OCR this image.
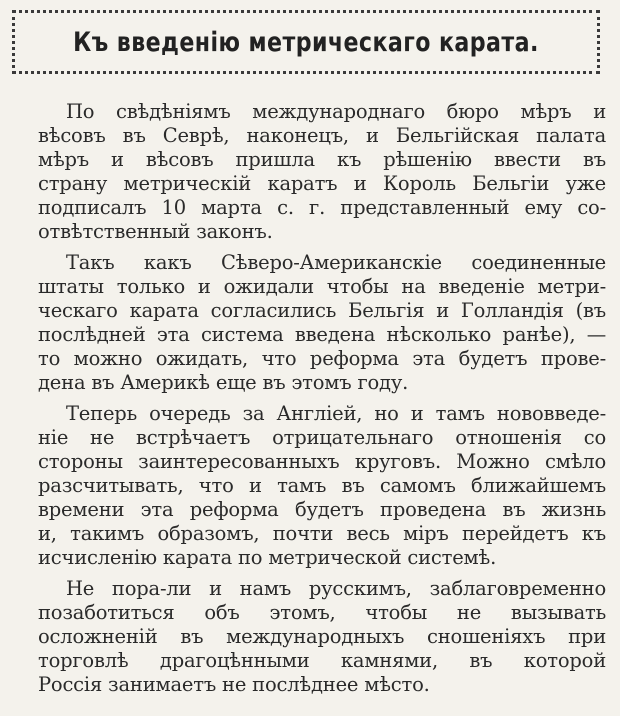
Къ введенію метрическаго карата.
По свѣдѣніямъ международнаго бюро мѣръ и
вѣсовъ въ Севрѣ, наконецъ, и Бельгійская палата
мѣръ и вѣсовъ пришла къ рѣшенію ввести въ
страну метрическій каратъ и Король Бельгіи уже
подписалъ 10 марта с. г. представленный ему со-
отвѣтственный законъ.
Такъ какъ Сѣверо-Американскіе соединенные
штаты только и ожидали чтобы на введеніе метри-
ческаго карата согласились Бельгія и Голландія (въ
послѣдней эта система введена нѣсколько ранѣе), —
то можно ожидать, что реформа эта будетъ прове-
дена въ Америкѣ еще въ этомъ году.
Теперь очередь за Англіей, но и тамъ нововведе-
ніе не встрѣчаетъ отрицательнаго отношенія со
стороны заинтересованныхъ круговъ. Можно смѣло
разсчитывать, что и тамъ въ самомъ ближайшемъ
времени эта реформа будетъ проведена въ жизнь
и, такимъ образомъ, почти весь міръ перейдетъ къ
исчисленію карата по метрической системѣ.
Не пора-ли и намъ русскимъ, заблаговременно
позаботиться объ этомъ, чтобы не вызывать
осложненій въ международныхъ сношеніяхъ при
торговлѣ драгоцѣнными камнями, въ которой
Россія занимаетъ не послѣднее мѣсто.
